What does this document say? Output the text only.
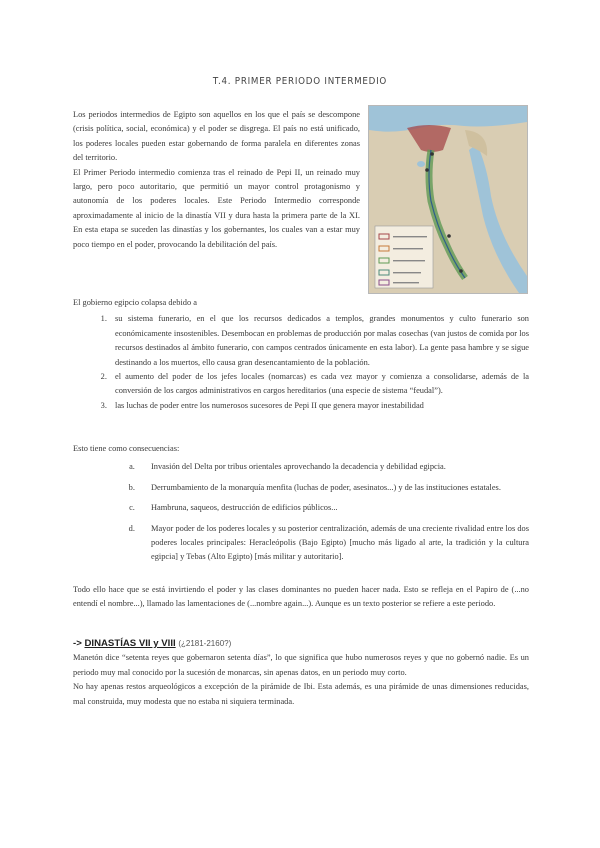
T.4. PRIMER PERIODO INTERMEDIO

Los periodos intermedios de Egipto son aquellos en los que el país se descompone (crisis política, social, económica) y el poder se disgrega. El país no está unificado, los poderes locales pueden estar gobernando de forma paralela en diferentes zonas del territorio.

El Primer Periodo intermedio comienza tras el reinado de Pepi II, un reinado muy largo, pero poco autoritario, que permitió un mayor control protagonismo y autonomía de los poderes locales. Este Periodo Intermedio corresponde aproximadamente al inicio de la dinastía VII y dura hasta la primera parte de la XI. En esta etapa se suceden las dinastías y los gobernantes, los cuales van a estar muy poco tiempo en el poder, provocando la debilitación del país.

El gobierno egipcio colapsa debido a

1. su sistema funerario, en el que los recursos dedicados a templos, grandes monumentos y culto funerario son económicamente insostenibles. Desembocan en problemas de producción por malas cosechas (van justos de comida por los recursos destinados al ámbito funerario, con campos centrados únicamente en esta labor). La gente pasa hambre y se sigue destinando a los muertos, ello causa gran desencantamiento de la población.
2. el aumento del poder de los jefes locales (nomarcas) es cada vez mayor y comienza a consolidarse, además de la conversión de los cargos administrativos en cargos hereditarios (una especie de sistema “feudal”).
3. las luchas de poder entre los numerosos sucesores de Pepi II que genera mayor inestabilidad

Esto tiene como consecuencias:

a. Invasión del Delta por tribus orientales aprovechando la decadencia y debilidad egipcia.
b. Derrumbamiento de la monarquía menfita (luchas de poder, asesinatos...) y de las instituciones estatales.
c. Hambruna, saqueos, destrucción de edificios públicos...
d. Mayor poder de los poderes locales y su posterior centralización, además de una creciente rivalidad entre los dos poderes locales principales: Heracleópolis (Bajo Egipto) [mucho más ligado al arte, la tradición y la cultura egipcia] y Tebas (Alto Egipto) [más militar y autoritario].

Todo ello hace que se está invirtiendo el poder y las clases dominantes no pueden hacer nada. Esto se refleja en el Papiro de (...no entendí el nombre...), llamado las lamentaciones de (...nombre again...). Aunque es un texto posterior se refiere a este periodo.

-> DINASTÍAS VII y VIII (¿2181-2160?)

Manetón dice “setenta reyes que gobernaron setenta días”, lo que significa que hubo numerosos reyes y que no gobernó nadie. Es un periodo muy mal conocido por la sucesión de monarcas, sin apenas datos, en un periodo muy corto.

No hay apenas restos arqueológicos a excepción de la pirámide de Ibi. Esta además, es una pirámide de unas dimensiones reducidas, mal construida, muy modesta que no estaba ni siquiera terminada.
